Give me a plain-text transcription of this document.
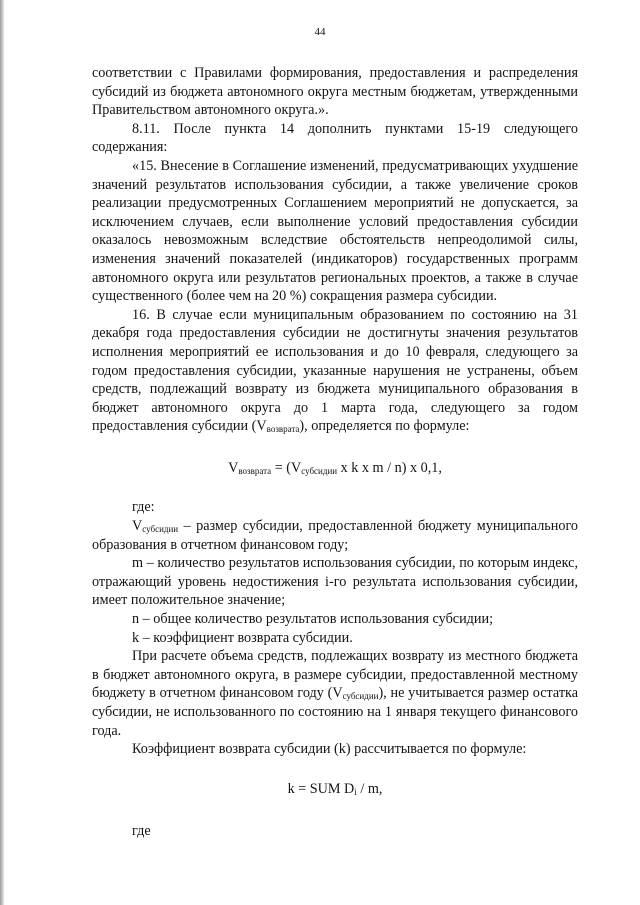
44

соответствии с Правилами формирования, предоставления и распределения субсидий из бюджета автономного округа местным бюджетам, утвержденными Правительством автономного округа.».

8.11. После пункта 14 дополнить пунктами 15-19 следующего содержания:

«15. Внесение в Соглашение изменений, предусматривающих ухудшение значений результатов использования субсидии, а также увеличение сроков реализации предусмотренных Соглашением мероприятий не допускается, за исключением случаев, если выполнение условий предоставления субсидии оказалось невозможным вследствие обстоятельств непреодолимой силы, изменения значений показателей (индикаторов) государственных программ автономного округа или результатов региональных проектов, а также в случае существенного (более чем на 20 %) сокращения размера субсидии.

16. В случае если муниципальным образованием по состоянию на 31 декабря года предоставления субсидии не достигнуты значения результатов исполнения мероприятий ее использования и до 10 февраля, следующего за годом предоставления субсидии, указанные нарушения не устранены, объем средств, подлежащий возврату из бюджета муниципального образования в бюджет автономного округа до 1 марта года, следующего за годом предоставления субсидии $(V_{возврата})$, определяется по формуле:

$V_{возврата} = (V_{субсидии}$ x k x m / n) x 0,1,

где:

$V_{субсидии}$ – размер субсидии, предоставленной бюджету муниципального образования в отчетном финансовом году;

m – количество результатов использования субсидии, по которым индекс, отражающий уровень недостижения i-го результата использования субсидии, имеет положительное значение;

n – общее количество результатов использования субсидии;

k – коэффициент возврата субсидии.

При расчете объема средств, подлежащих возврату из местного бюджета в бюджет автономного округа, в размере субсидии, предоставленной местному бюджету в отчетном финансовом году $(V_{субсидии})$, не учитывается размер остатка субсидии, не использованного по состоянию на 1 января текущего финансового года.

Коэффициент возврата субсидии (k) рассчитывается по формуле:

k = SUM $D_i$ / m,

где
